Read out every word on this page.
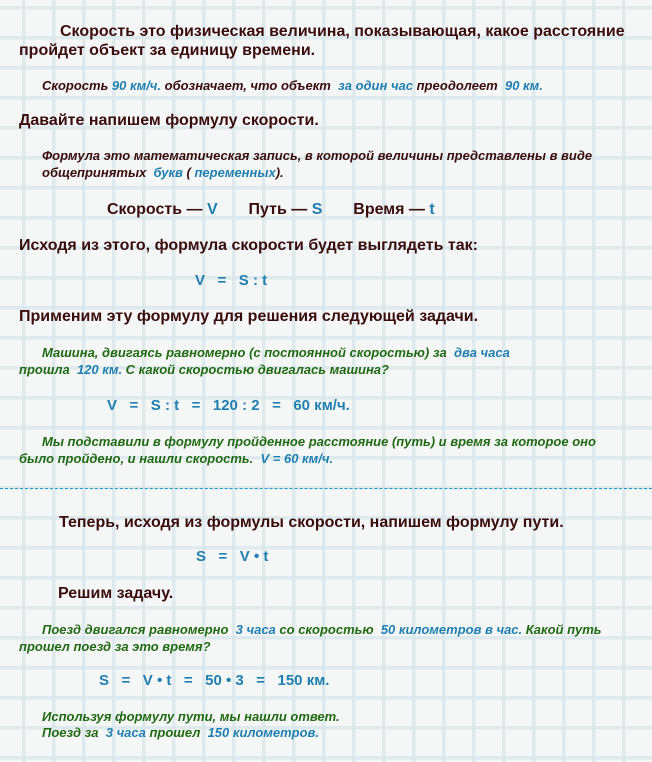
Скорость это физическая величина, показывающая, какое расстояние
пройдет объект за единицу времени.
Скорость 90 км/ч. обозначает, что объект  за один час преодолеет  90 км.
Давайте напишем формулу скорости.
Формула это математическая запись, в которой величины представлены в виде
общепринятых  букв ( переменных).
Скорость — V Путь — S Время — t
Исходя из этого, формула скорости будет выглядеть так:
V   =   S : t
Применим эту формулу для решения следующей задачи.
Машина, двигаясь равномерно (с постоянной скоростью) за  два часа
прошла  120 км. С какой скоростью двигалась машина?
V   =   S : t   =   120 : 2   =   60 км/ч.
Мы подставили в формулу пройденное расстояние (путь) и время за которое оно
было пройдено, и нашли скорость.  V = 60 км/ч.
Теперь, исходя из формулы скорости, напишем формулу пути.
S   =   V • t
Решим задачу.
Поезд двигался равномерно  3 часа со скоростью  50 километров в час. Какой путь
прошел поезд за это время?
S   =   V • t   =   50 • 3   =   150 км.
Используя формулу пути, мы нашли ответ.
Поезд за  3 часа прошел  150 километров.
